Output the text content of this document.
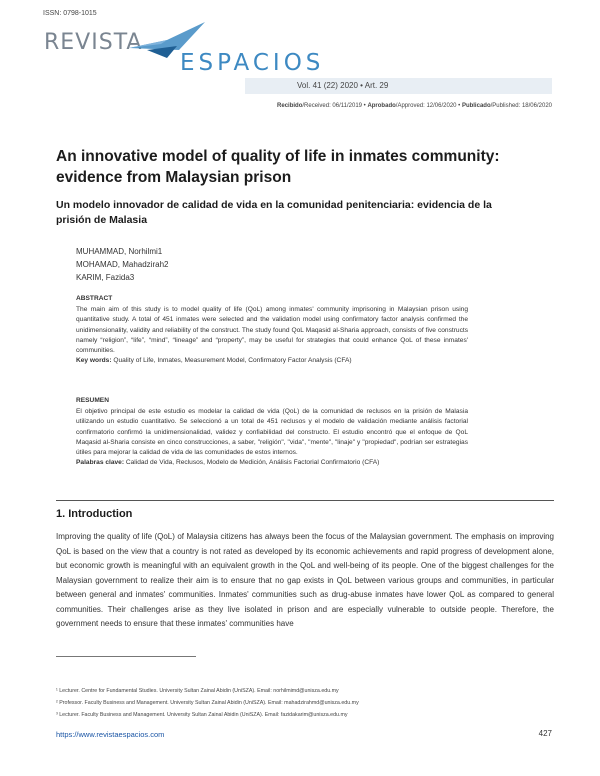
ISSN: 0798-1015
REVISTA
ESPACIOS
Vol. 41 (22) 2020 • Art. 29
Recibido/Received: 06/11/2019 • Aprobado/Approved: 12/06/2020 • Publicado/Published: 18/06/2020
An innovative model of quality of life in inmates community:
evidence from Malaysian prison
Un modelo innovador de calidad de vida en la comunidad penitenciaria: evidencia de la
prisión de Malasia
MUHAMMAD, Norhilmi1
MOHAMAD, Mahadzirah2
KARIM, Fazida3
ABSTRACT
The main aim of this study is to model quality of life (QoL) among inmates' community imprisoning in Malaysian prison using quantitative study. A total of 451 inmates were selected and the validation model using confirmatory factor analysis confirmed the unidimensionality, validity and reliability of the construct. The study found QoL Maqasid al-Sharia approach, consists of five constructs namely “religion”, “life”, “mind”, “lineage” and “property”, may be useful for strategies that could enhance QoL of these inmates' communities.
Key words: Quality of Life, Inmates, Measurement Model, Confirmatory Factor Analysis (CFA)
RESUMEN
El objetivo principal de este estudio es modelar la calidad de vida (QoL) de la comunidad de reclusos en la prisión de Malasia utilizando un estudio cuantitativo. Se seleccionó a un total de 451 reclusos y el modelo de validación mediante análisis factorial confirmatorio confirmó la unidimensionalidad, validez y confiabilidad del constructo. El estudio encontró que el enfoque de QoL Maqasid al-Sharia consiste en cinco construcciones, a saber, "religión", "vida", "mente", "linaje" y "propiedad", podrían ser estrategias útiles para mejorar la calidad de vida de las comunidades de estos internos.
Palabras clave: Calidad de Vida, Reclusos, Modelo de Medición, Análisis Factorial Confirmatorio (CFA)
1. Introduction
Improving the quality of life (QoL) of Malaysia citizens has always been the focus of the Malaysian government. The emphasis on improving QoL is based on the view that a country is not rated as developed by its economic achievements and rapid progress of development alone, but economic growth is meaningful with an equivalent growth in the QoL and well-being of its people. One of the biggest challenges for the Malaysian government to realize their aim is to ensure that no gap exists in QoL between various groups and communities, in particular between general and inmates' communities. Inmates' communities such as drug-abuse inmates have lower QoL as compared to general communities. Their challenges arise as they live isolated in prison and are especially vulnerable to outside people. Therefore, the government needs to ensure that these inmates' communities have
¹ Lecturer. Centre for Fundamental Studies. University Sultan Zainal Abidin (UniSZA). Email: norhilmimd@unisza.edu.my
² Professor. Faculty Business and Management. University Sultan Zainal Abidin (UniSZA). Email: mahadzirahmd@unisza.edu.my
³ Lecturer. Faculty Business and Management. University Sultan Zainal Abidin (UniSZA). Email: fazidakarim@unisza.edu.my
https://www.revistaespacios.com	427
